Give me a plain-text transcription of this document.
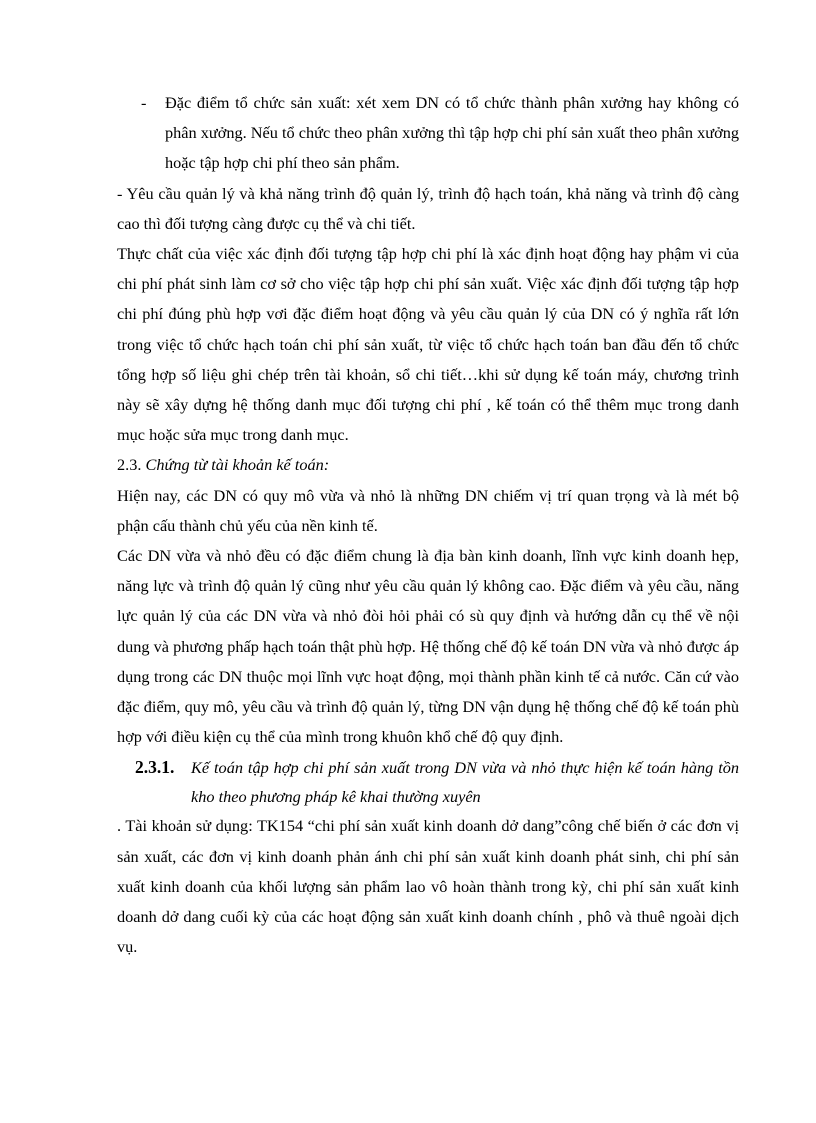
- Đặc điểm tổ chức sản xuất: xét xem DN có tổ chức thành phân xưởng hay không có phân xưởng. Nếu tổ chức theo phân xưởng thì tập hợp chi phí sản xuất theo phân xưởng hoặc tập hợp chi phí theo sản phẩm.

- Yêu cầu quản lý và khả năng trình độ quản lý, trình độ hạch toán, khả năng và trình độ càng cao thì đối tượng càng được cụ thể và chi tiết.

Thực chất của việc xác định đối tượng tập hợp chi phí là xác định hoạt động hay phậm vi của chi phí phát sinh làm cơ sở cho việc tập hợp chi phí sản xuất. Việc xác định đối tượng tập hợp chi phí đúng phù hợp vơi đặc điểm hoạt động và yêu cầu quản lý của DN có ý nghĩa rất lớn trong việc tổ chức hạch toán chi phí sản xuất, từ việc tổ chức hạch toán ban đầu đến tổ chức tổng hợp số liệu ghi chép trên tài khoản, sổ chi tiết…khi sử dụng kế toán máy, chương trình này sẽ xây dựng hệ thống danh mục đối tượng chi phí , kế toán có thể thêm mục trong danh mục hoặc sửa mục trong danh mục.

2.3. Chứng từ tài khoản kế toán:

Hiện nay, các DN có quy mô vừa và nhỏ là những DN chiếm vị trí quan trọng và là mét bộ phận cấu thành chủ yếu của nền kinh tế.

Các DN vừa và nhỏ đều có đặc điểm chung là địa bàn kinh doanh, lĩnh vực kinh doanh hẹp, năng lực và trình độ quản lý cũng như yêu cầu quản lý không cao. Đặc điểm và yêu cầu, năng lực quản lý của các DN vừa và nhỏ đòi hỏi phải có sù quy định và hướng dẫn cụ thể về nội dung và phương phấp hạch toán thật phù hợp. Hệ thống chế độ kế toán DN vừa và nhỏ được áp dụng trong các DN thuộc mọi lĩnh vực hoạt động, mọi thành phần kinh tế cả nước. Căn cứ vào đặc điểm, quy mô, yêu cầu và trình độ quản lý, từng DN vận dụng hệ thống chế độ kế toán phù hợp với điều kiện cụ thể của mình trong khuôn khổ chế độ quy định.

2.3.1. Kế toán tập hợp chi phí sản xuất trong DN vừa và nhỏ thực hiện kế toán hàng tồn kho theo phương pháp kê khai thường xuyên

. Tài khoản sử dụng: TK154 “chi phí sản xuất kinh doanh dở dang”công chế biến ở các đơn vị sản xuất, các đơn vị kinh doanh phản ánh chi phí sản xuất kinh doanh phát sinh, chi phí sản xuất kinh doanh của khối lượng sản phẩm lao vô hoàn thành trong kỳ, chi phí sản xuất kinh doanh dở dang cuối kỳ của các hoạt động sản xuất kinh doanh chính , phô và thuê ngoài dịch vụ.
